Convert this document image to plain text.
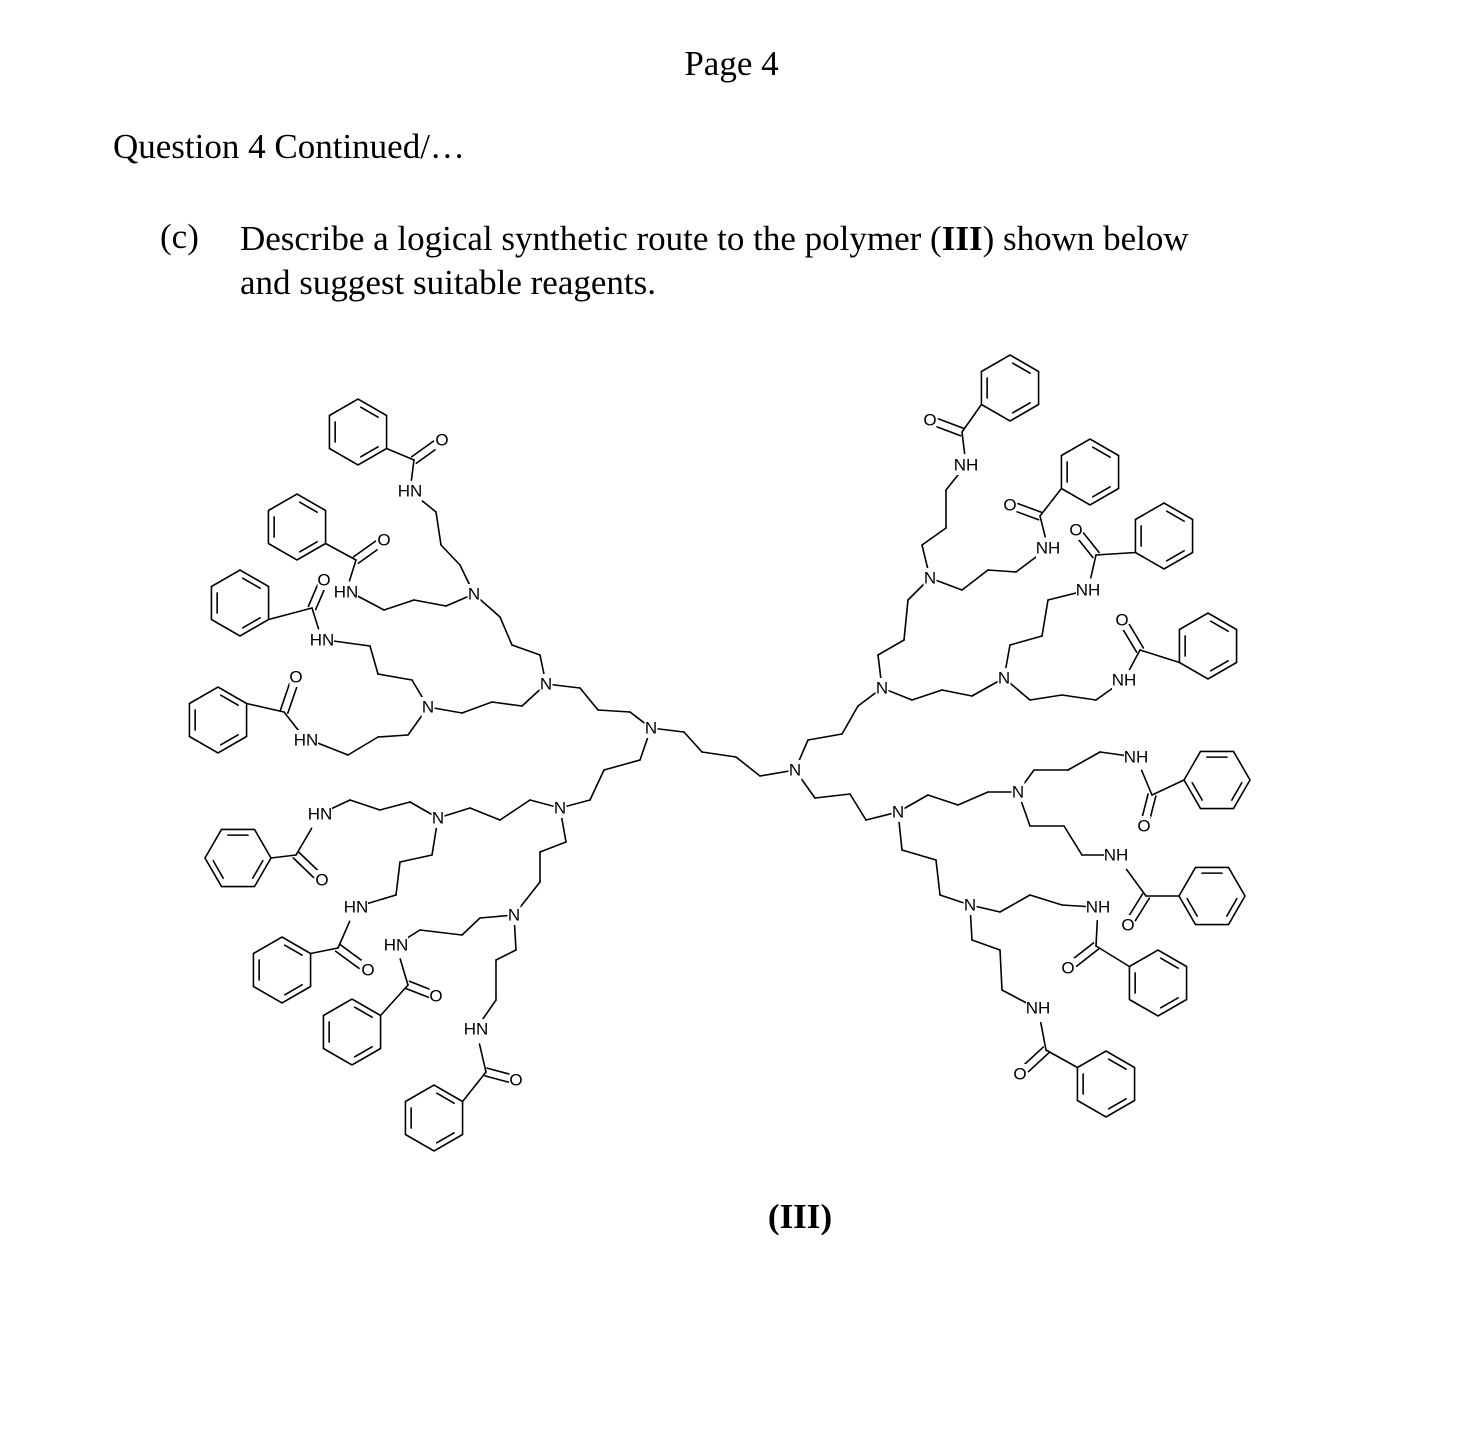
Page 4
Question 4 Continued/…
(c) Describe a logical synthetic route to the polymer (III) shown below
and suggest suitable reagents.
N
N
N
HN
O
HN
O
HN
O
HN
O
N
N
N
HN
O
HN
O
HN
O
HN
O
N
N
N
NH
O
NH
O
NH
O
NH
O
N
N
N
NH
O
NH
O
NH
O
NH
O
N
N
(III)
